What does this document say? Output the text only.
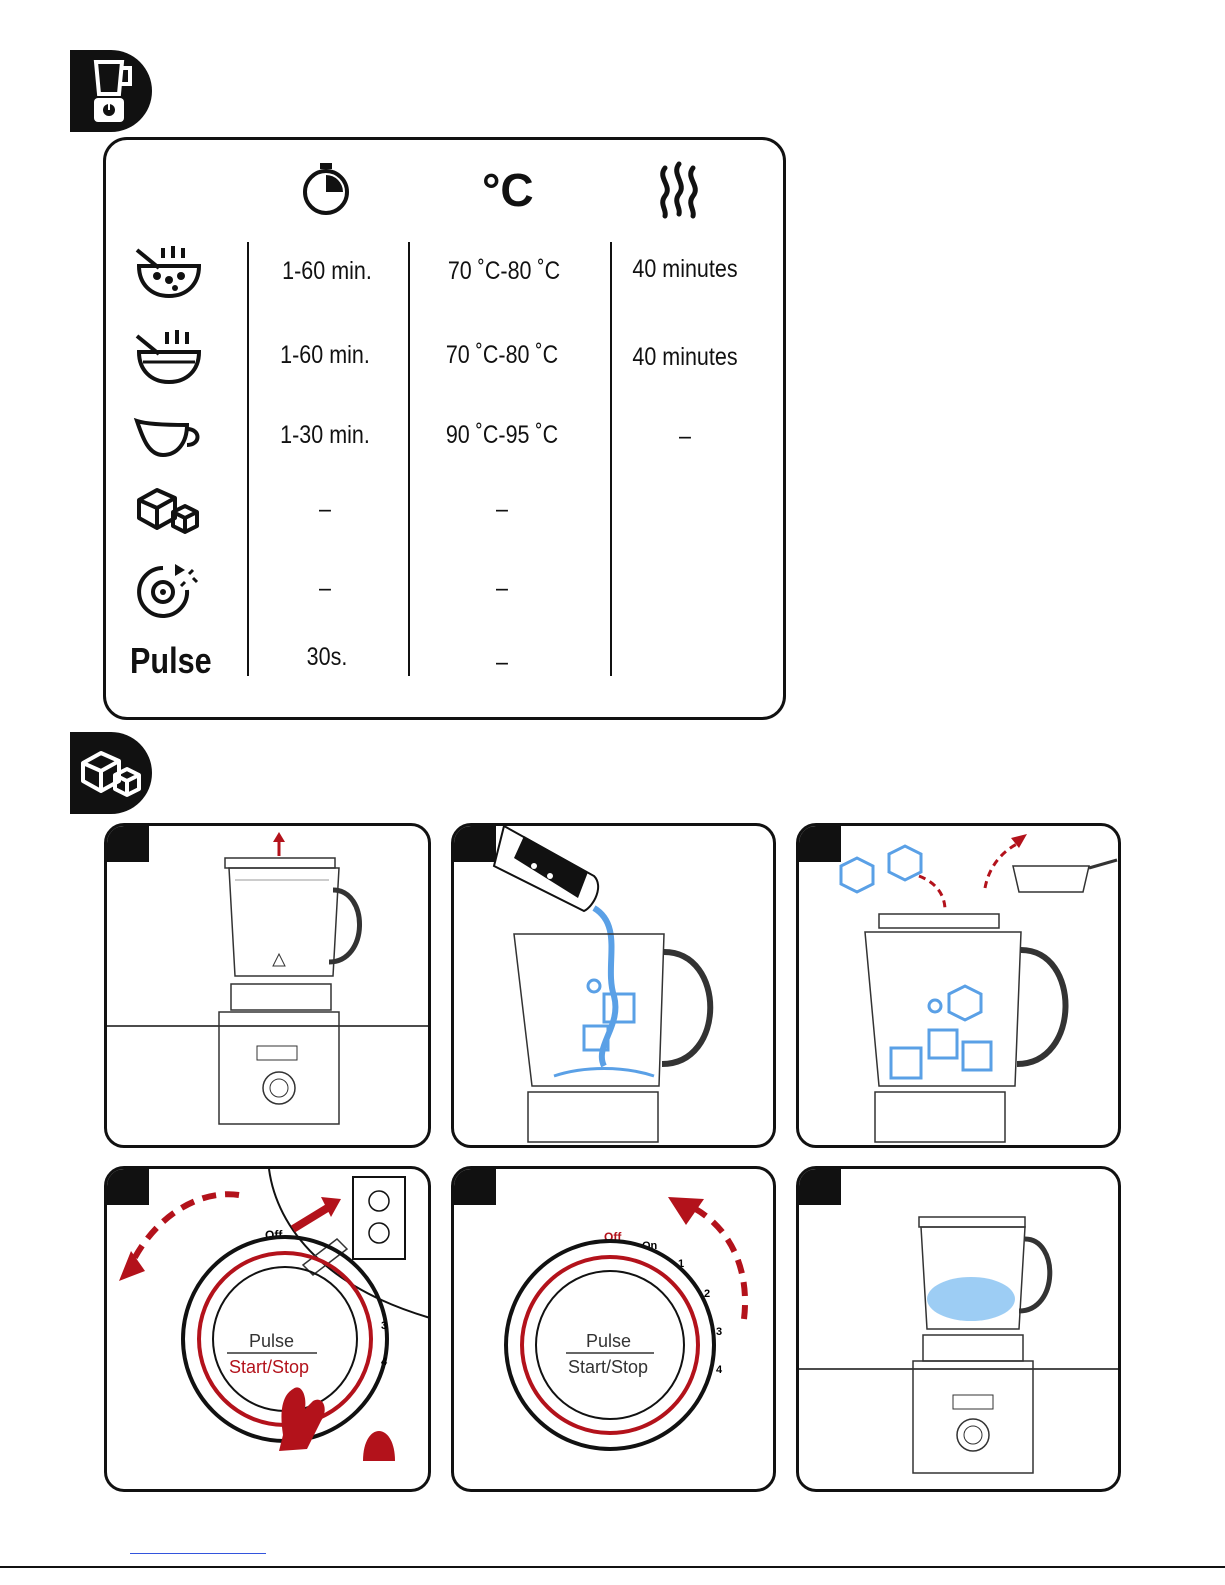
°C
Pulse
1-60 min.
1-60 min.
1-30 min.
–
–
30s.
70 ˚C-80 ˚C
70 ˚C-80 ˚C
90 ˚C-95 ˚C
–
–
–
40 minutes
40 minutes
–
Off
Pulse
Start/Stop
3
4
Off
On
1
2
3
4
Pulse
Start/Stop
